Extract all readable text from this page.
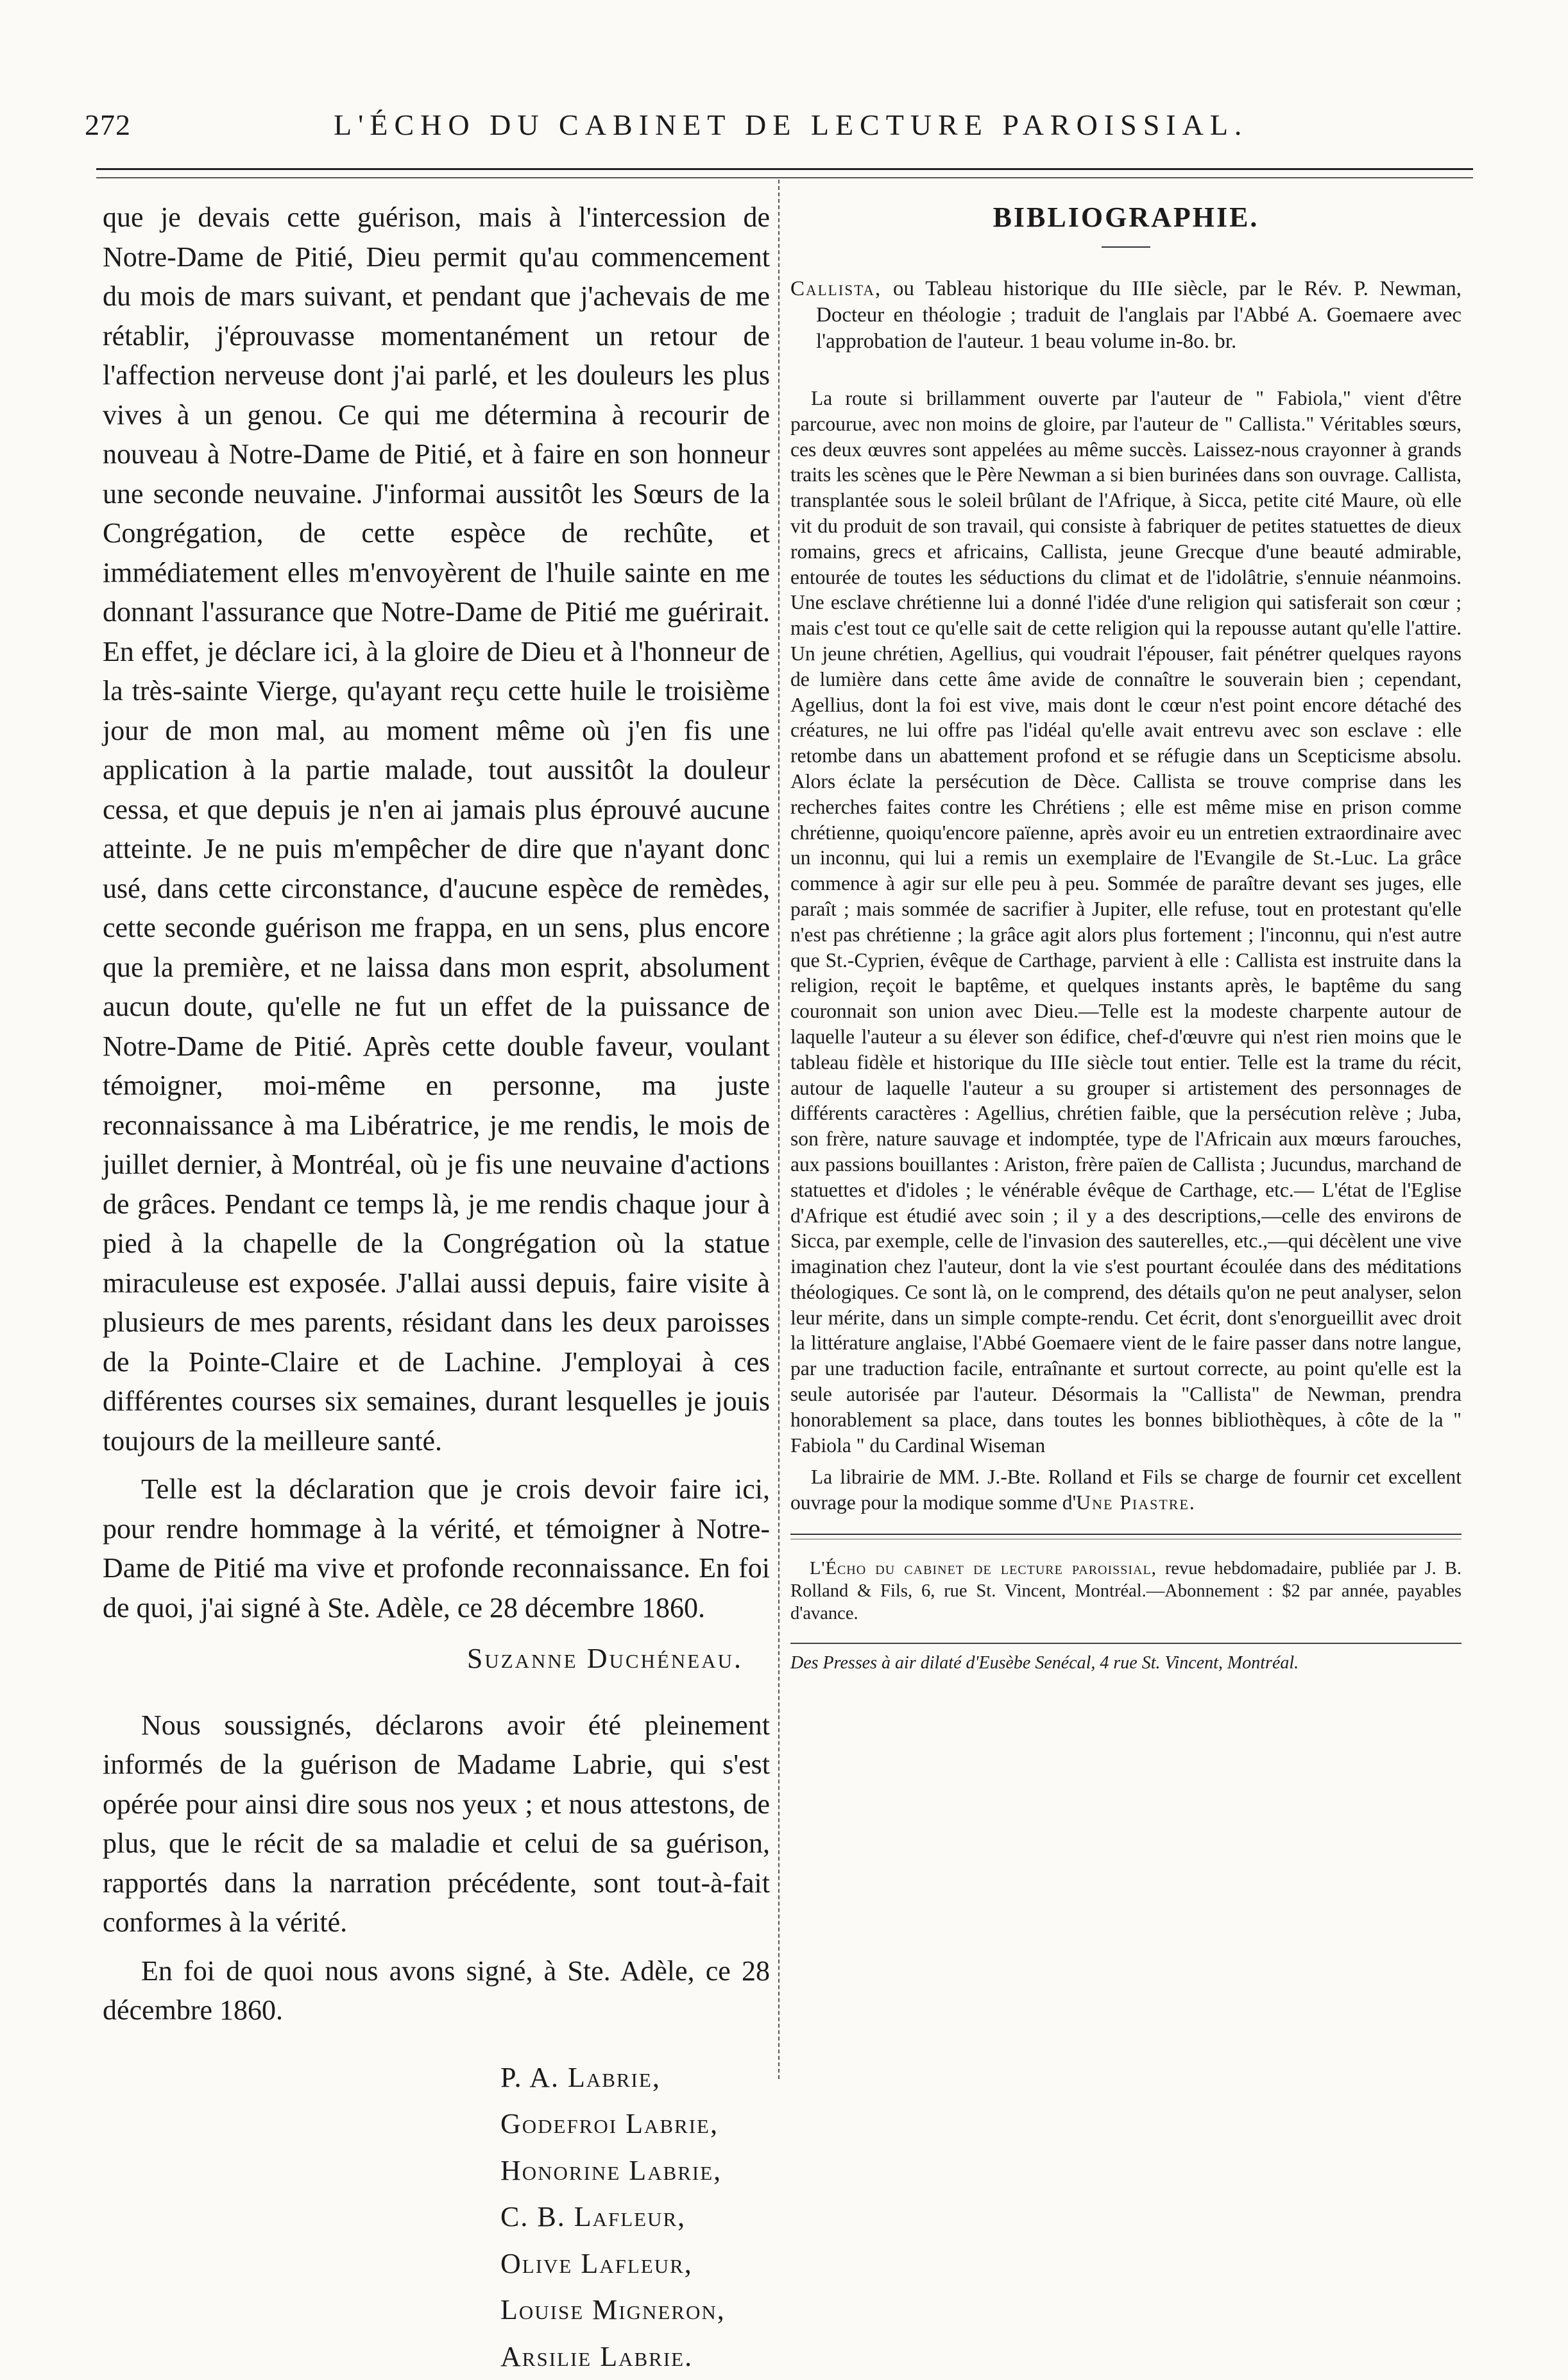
272	L'ÉCHO DU CABINET DE LECTURE PAROISSIAL.

que je devais cette guérison, mais à l'intercession de Notre-Dame de Pitié, Dieu permit qu'au commencement du mois de mars suivant, et pendant que j'achevais de me rétablir, j'éprouvasse momentanément un retour de l'affection nerveuse dont j'ai parlé, et les douleurs les plus vives à un genou. Ce qui me détermina à recourir de nouveau à Notre-Dame de Pitié, et à faire en son honneur une seconde neuvaine. J'informai aussitôt les Sœurs de la Congrégation, de cette espèce de rechûte, et immédiatement elles m'envoyèrent de l'huile sainte en me donnant l'assurance que Notre-Dame de Pitié me guérirait. En effet, je déclare ici, à la gloire de Dieu et à l'honneur de la très-sainte Vierge, qu'ayant reçu cette huile le troisième jour de mon mal, au moment même où j'en fis une application à la partie malade, tout aussitôt la douleur cessa, et que depuis je n'en ai jamais plus éprouvé aucune atteinte. Je ne puis m'empêcher de dire que n'ayant donc usé, dans cette circonstance, d'aucune espèce de remèdes, cette seconde guérison me frappa, en un sens, plus encore que la première, et ne laissa dans mon esprit, absolument aucun doute, qu'elle ne fut un effet de la puissance de Notre-Dame de Pitié. Après cette double faveur, voulant témoigner, moi-même en personne, ma juste reconnaissance à ma Libératrice, je me rendis, le mois de juillet dernier, à Montréal, où je fis une neuvaine d'actions de grâces. Pendant ce temps là, je me rendis chaque jour à pied à la chapelle de la Congrégation où la statue miraculeuse est exposée. J'allai aussi depuis, faire visite à plusieurs de mes parents, résidant dans les deux paroisses de la Pointe-Claire et de Lachine. J'employai à ces différentes courses six semaines, durant lesquelles je jouis toujours de la meilleure santé.

Telle est la déclaration que je crois devoir faire ici, pour rendre hommage à la vérité, et témoigner à Notre-Dame de Pitié ma vive et profonde reconnaissance. En foi de quoi, j'ai signé à Ste. Adèle, ce 28 décembre 1860.

Suzanne Duchéneau.

Nous soussignés, déclarons avoir été pleinement informés de la guérison de Madame Labrie, qui s'est opérée pour ainsi dire sous nos yeux ; et nous attestons, de plus, que le récit de sa maladie et celui de sa guérison, rapportés dans la narration précédente, sont tout-à-fait conformes à la vérité.

En foi de quoi nous avons signé, à Ste. Adèle, ce 28 décembre 1860.

P. A. Labrie,
Godefroi Labrie,
Honorine Labrie,
C. B. Lafleur,
Olive Lafleur,
Louise Migneron,
Arsilie Labrie.
BIBLIOGRAPHIE.

Callista, ou Tableau historique du IIIe siècle, par le Rév. P. Newman, Docteur en théologie ; traduit de l'anglais par l'Abbé A. Goemaere avec l'approbation de l'auteur. 1 beau volume in-8o. br.

La route si brillamment ouverte par l'auteur de " Fabiola," vient d'être parcourue, avec non moins de gloire, par l'auteur de " Callista." Véritables sœurs, ces deux œuvres sont appelées au même succès. Laissez-nous crayonner à grands traits les scènes que le Père Newman a si bien burinées dans son ouvrage. Callista, transplantée sous le soleil brûlant de l'Afrique, à Sicca, petite cité Maure, où elle vit du produit de son travail, qui consiste à fabriquer de petites statuettes de dieux romains, grecs et africains, Callista, jeune Grecque d'une beauté admirable, entourée de toutes les séductions du climat et de l'idolâtrie, s'ennuie néanmoins. Une esclave chrétienne lui a donné l'idée d'une religion qui satisferait son cœur ; mais c'est tout ce qu'elle sait de cette religion qui la repousse autant qu'elle l'attire. Un jeune chrétien, Agellius, qui voudrait l'épouser, fait pénétrer quelques rayons de lumière dans cette âme avide de connaître le souverain bien ; cependant, Agellius, dont la foi est vive, mais dont le cœur n'est point encore détaché des créatures, ne lui offre pas l'idéal qu'elle avait entrevu avec son esclave : elle retombe dans un abattement profond et se réfugie dans un Scepticisme absolu. Alors éclate la persécution de Dèce. Callista se trouve comprise dans les recherches faites contre les Chrétiens ; elle est même mise en prison comme chrétienne, quoiqu'encore païenne, après avoir eu un entretien extraordinaire avec un inconnu, qui lui a remis un exemplaire de l'Evangile de St.-Luc. La grâce commence à agir sur elle peu à peu. Sommée de paraître devant ses juges, elle paraît ; mais sommée de sacrifier à Jupiter, elle refuse, tout en protestant qu'elle n'est pas chrétienne ; la grâce agit alors plus fortement ; l'inconnu, qui n'est autre que St.-Cyprien, évêque de Carthage, parvient à elle : Callista est instruite dans la religion, reçoit le baptême, et quelques instants après, le baptême du sang couronnait son union avec Dieu.—Telle est la modeste charpente autour de laquelle l'auteur a su élever son édifice, chef-d'œuvre qui n'est rien moins que le tableau fidèle et historique du IIIe siècle tout entier. Telle est la trame du récit, autour de laquelle l'auteur a su grouper si artistement des personnages de différents caractères : Agellius, chrétien faible, que la persécution relève ; Juba, son frère, nature sauvage et indomptée, type de l'Africain aux mœurs farouches, aux passions bouillantes : Ariston, frère païen de Callista ; Jucundus, marchand de statuettes et d'idoles ; le vénérable évêque de Carthage, etc.— L'état de l'Eglise d'Afrique est étudié avec soin ; il y a des descriptions,—celle des environs de Sicca, par exemple, celle de l'invasion des sauterelles, etc.,—qui décèlent une vive imagination chez l'auteur, dont la vie s'est pourtant écoulée dans des méditations théologiques. Ce sont là, on le comprend, des détails qu'on ne peut analyser, selon leur mérite, dans un simple compte-rendu. Cet écrit, dont s'enorgueillit avec droit la littérature anglaise, l'Abbé Goemaere vient de le faire passer dans notre langue, par une traduction facile, entraînante et surtout correcte, au point qu'elle est la seule autorisée par l'auteur. Désormais la "Callista" de Newman, prendra honorablement sa place, dans toutes les bonnes bibliothèques, à côte de la " Fabiola " du Cardinal Wiseman

La librairie de MM. J.-Bte. Rolland et Fils se charge de fournir cet excellent ouvrage pour la modique somme d'Une Piastre.

L'Écho du cabinet de lecture paroissial, revue hebdomadaire, publiée par J. B. Rolland & Fils, 6, rue St. Vincent, Montréal.—Abonnement : $2 par année, payables d'avance.

Des Presses à air dilaté d'Eusèbe Senécal, 4 rue St. Vincent, Montréal.
